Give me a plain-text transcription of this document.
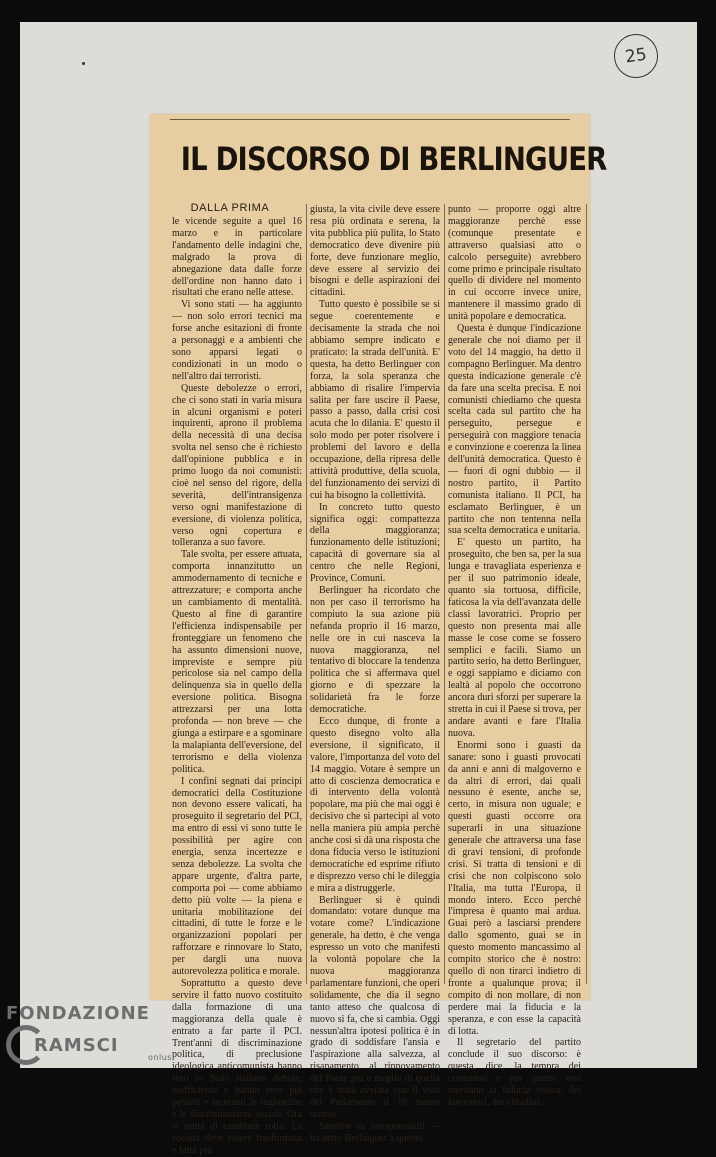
25
IL DISCORSO DI BERLINGUER
DALLA PRIMA

le vicende seguite a quel 16 marzo e in particolare l'andamento delle indagini che, malgrado la prova di abnegazione data dalle forze dell'ordine non hanno dato i risultati che erano nelle attese.

Vi sono stati — ha aggiunto — non solo errori tecnici ma forse anche esitazioni di fronte a personaggi e a ambienti che sono apparsi legati o condizionati in un modo o nell'altro dai terroristi.

Queste debolezze o errori, che ci sono stati in varia misura in alcuni organismi e poteri inquirenti, aprono il problema della necessità di una decisa svolta nel senso che è richiesto dall'opinione pubblica e in primo luogo da noi comunisti: cioè nel senso del rigore, della severità, dell'intransigenza verso ogni manifestazione di eversione, di violenza politica, verso ogni copertura e tolleranza a suo favore.

Tale svolta, per essere attuata, comporta innanzitutto un ammodernamento di tecniche e attrezzature; e comporta anche un cambiamento di mentalità. Questo al fine di garantire l'efficienza indispensabile per fronteggiare un fenomeno che ha assunto dimensioni nuove, impreviste e sempre più pericolose sia nel campo della delinquenza sia in quello della eversione politica. Bisogna attrezzarsi per una lotta profonda — non breve — che giunga a estirpare e a sgominare la malapianta dell'eversione, del terrorismo e della violenza politica.

I confini segnati dai principi democratici della Costituzione non devono essere valicati, ha proseguito il segretario del PCI, ma entro di essi vi sono tutte le possibilità per agire con energia, senza incertezze e senza debolezze. La svolta che appare urgente, d'altra parte, comporta poi — come abbiamo detto più volte — la piena e unitaria mobilitazione dei cittadini, di tutte le forze e le organizzazioni popolari per rafforzare e rinnovare lo Stato, per dargli una nuova autorevolezza politica e morale.

Soprattutto a questo deve servire il fatto nuovo costituito dalla formazione di una maggioranza della quale è entrato a far parte il PCI. Trent'anni di discriminazione politica, di preclusione ideologica anticomunista hanno reso lo Stato italiano debole, inefficiente e hanno reso più pesanti e laceranti le ingiustizie e le discriminazioni sociali. Ora si tratta di cambiare rotta. La società deve essere trasformata e fatta più

giusta, la vita civile deve essere resa più ordinata e serena, la vita pubblica più pulita, lo Stato democratico deve divenire più forte, deve funzionare meglio, deve essere al servizio dei bisogni e delle aspirazioni dei cittadini.

Tutto questo è possibile se si segue coerentemente e decisamente la strada che noi abbiamo sempre indicato e praticato: la strada dell'unità. E' questa, ha detto Berlinguer con forza, la sola speranza che abbiamo di risalire l'impervia salita per fare uscire il Paese, passo a passo, dalla crisi così acuta che lo dilania. E' questo il solo modo per poter risolvere i problemi del lavoro e della occupazione, della ripresa delle attività produttive, della scuola, del funzionamento dei servizi di cui ha bisogno la collettività.

In concreto tutto questo significa oggi: compattezza della maggioranza; funzionamento delle istituzioni; capacità di governare sia al centro che nelle Regioni, Province, Comuni.

Berlinguer ha ricordato che non per caso il terrorismo ha compiuto la sua azione più nefanda proprio il 16 marzo, nelle ore in cui nasceva la nuova maggioranza, nel tentativo di bloccare la tendenza politica che si affermava quel giorno e di spezzare la solidarietà fra le forze democratiche.

Ecco dunque, di fronte a questo disegno volto alla eversione, il significato, il valore, l'importanza del voto del 14 maggio. Votare è sempre un atto di coscienza democratica e di intervento della volontà popolare, ma più che mai oggi è decisivo che si partecipi al voto nella maniera più ampia perchè anche così si dà una risposta che dona fiducia verso le istituzioni democratiche ed esprime rifiuto e disprezzo verso chi le dileggia e mira a distruggerle.

Berlinguer si è quindi domandato: votare dunque ma votare come? L'indicazione generale, ha detto, è che venga espresso un voto che manifesti la volontà popolare che la nuova maggioranza parlamentare funzioni, che operi solidamente, che dia il segno tanto atteso che qualcosa di nuovo si fa, che si cambia. Oggi nessun'altra ipotesi politica è in grado di soddisfare l'ansia e l'aspirazione alla salvezza, al risanamento, al rinnovamento del Paese più e meglio di quella che è stata avviata con il voto del Parlamento il 16 marzo scorso.

Sarebbe da irresponsabili — ha detto Berlinguer a questo

punto — proporre oggi altre maggioranze perchè esse (comunque presentate e attraverso qualsiasi atto o calcolo perseguite) avrebbero come primo e principale risultato quello di dividere nel momento in cui occorre invece unire, mantenere il massimo grado di unità popolare e democratica.

Questa è dunque l'indicazione generale che noi diamo per il voto del 14 maggio, ha detto il compagno Berlinguer. Ma dentro questa indicazione generale c'è da fare una scelta precisa. E noi comunisti chiediamo che questa scelta cada sul partito che ha perseguito, persegue e perseguirà con maggiore tenacia e convinzione e coerenza la linea dell'unità democratica. Questo è — fuori di ogni dubbio — il nostro partito, il Partito comunista italiano. Il PCI, ha esclamato Berlinguer, è un partito che non tentenna nella sua scelta democratica e unitaria.

E' questo un partito, ha proseguito, che ben sa, per la sua lunga e travagliata esperienza e per il suo patrimonio ideale, quanto sia tortuosa, difficile, faticosa la via dell'avanzata delle classi lavoratrici. Proprio per questo non presenta mai alle masse le cose come se fossero semplici e facili. Siamo un partito serio, ha detto Berlinguer, e oggi sappiamo e diciamo con lealtà al popolo che occorrono ancora duri sforzi per superare la stretta in cui il Paese si trova, per andare avanti e fare l'Italia nuova.

Enormi sono i guasti da sanare: sono i guasti provocati da anni e anni di malgoverno e da altri di errori, dai quali nessuno è esente, anche se, certo, in misura non uguale; e questi guasti occorre ora superarli in una situazione generale che attraversa una fase di gravi tensioni, di profonde crisi. Si tratta di tensioni e di crisi che non colpiscono solo l'Italia, ma tutta l'Europa, il mondo intero. Ecco perchè l'impresa è quanto mai ardua. Guai però a lasciarsi prendere dallo sgomento, guai se in questo momento mancassimo al compito storico che è nostro: quello di non tirarci indietro di fronte a qualunque prova; il compito di non mollare, di non perdere mai la fiducia e la speranza, e con esse la capacità di lotta.

Il segretario del partito conclude il suo discorso: è questa, dice, la tempra dei comunisti e per questo essi meritano la fiducia vostra, dei lavoratori, dei cittadini.

FONDAZIONE
RAMSCI
onlus
